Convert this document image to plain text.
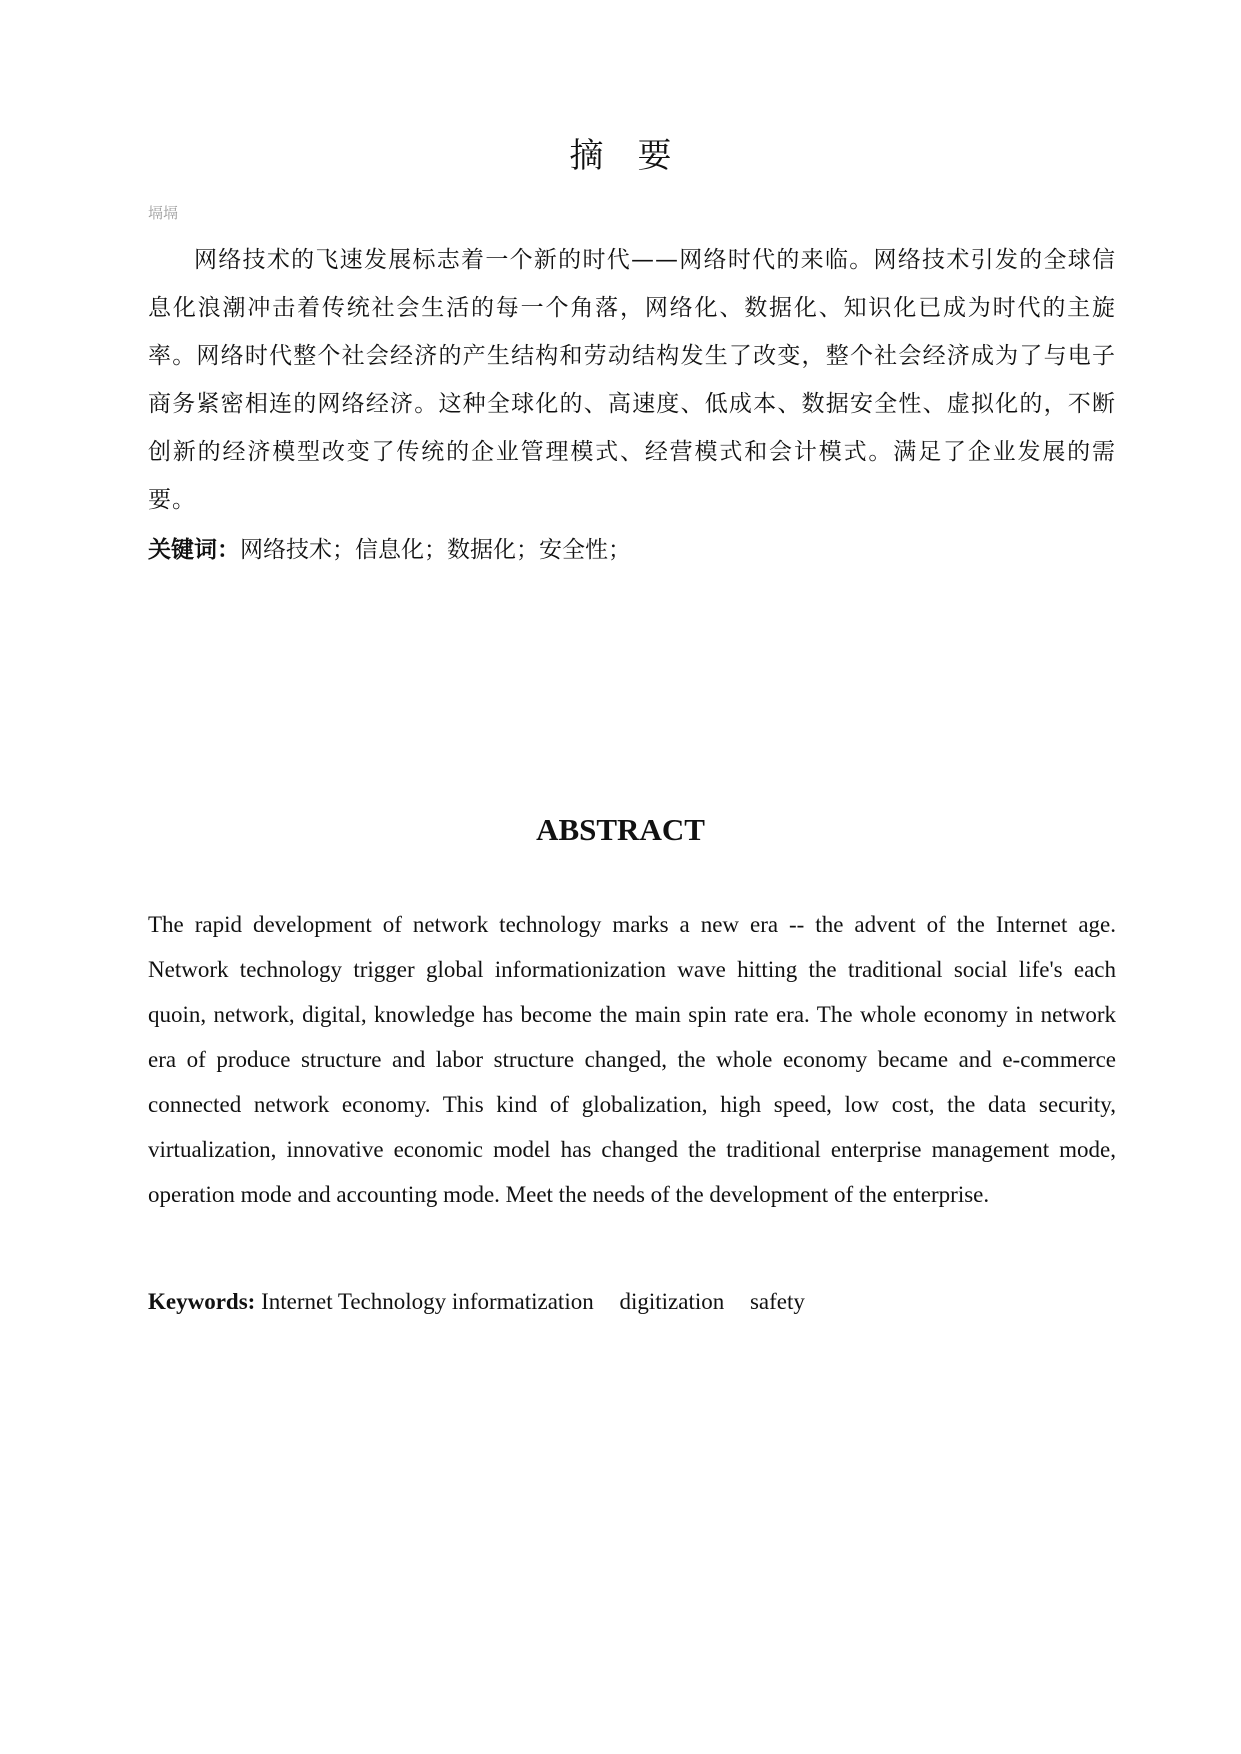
摘要
塥塥
网络技术的飞速发展标志着一个新的时代——网络时代的来临。网络技术引发的全球信息化浪潮冲击着传统社会生活的每一个角落，网络化、数据化、知识化已成为时代的主旋率。网络时代整个社会经济的产生结构和劳动结构发生了改变，整个社会经济成为了与电子商务紧密相连的网络经济。这种全球化的、高速度、低成本、数据安全性、虚拟化的，不断创新的经济模型改变了传统的企业管理模式、经营模式和会计模式。满足了企业发展的需要。
关键词：网络技术；信息化；数据化；安全性；
ABSTRACT
The rapid development of network technology marks a new era -- the advent of the Internet age. Network technology trigger global informationization wave hitting the traditional social life's each quoin, network, digital, knowledge has become the main spin rate era. The whole economy in network era of produce structure and labor structure changed, the whole economy became and e-commerce connected network economy. This kind of globalization, high speed, low cost, the data security, virtualization, innovative economic model has changed the traditional enterprise management mode, operation mode and accounting mode. Meet the needs of the development of the enterprise.
Keywords: Internet Technology informatization digitization safety
